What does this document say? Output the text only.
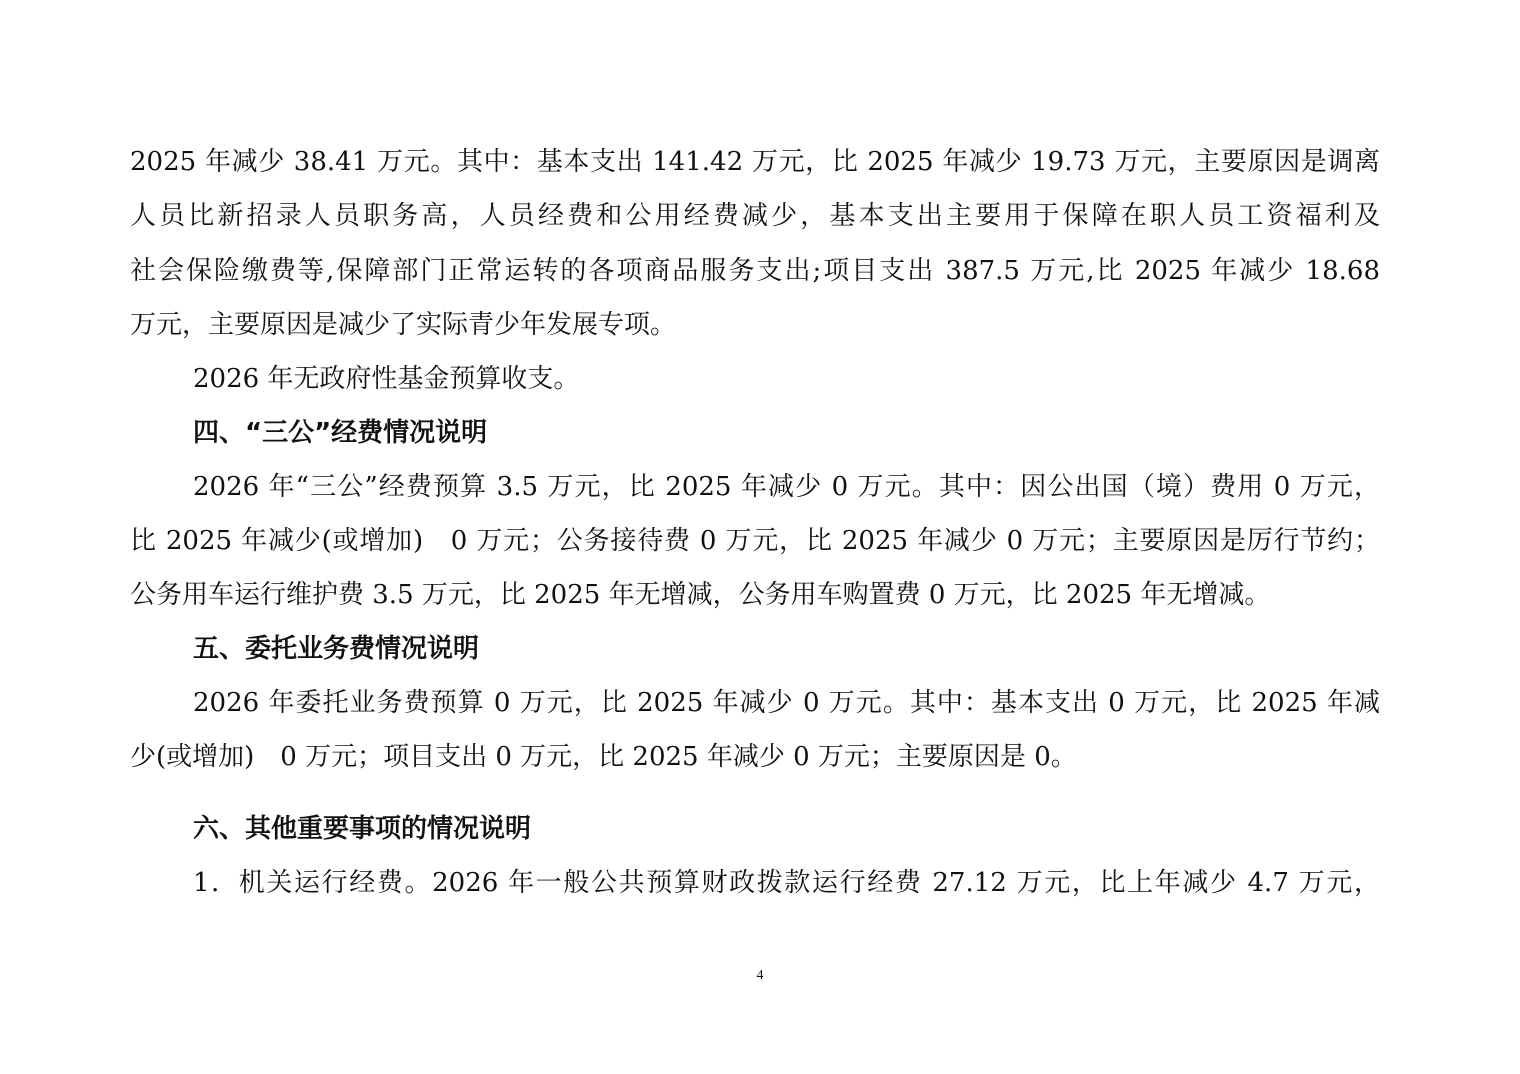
2025 年减少 38.41 万元。其中：基本支出 141.42 万元，比 2025 年减少 19.73 万元，主要原因是调离
人员比新招录人员职务高，人员经费和公用经费减少，基本支出主要用于保障在职人员工资福利及
社会保险缴费等,保障部门正常运转的各项商品服务支出;项目支出 387.5 万元,比 2025 年减少 18.68
万元，主要原因是减少了实际青少年发展专项。
2026 年无政府性基金预算收支。
四、“三公”经费情况说明
2026 年“三公”经费预算 3.5 万元，比 2025 年减少 0 万元。其中：因公出国（境）费用 0 万元，
比 2025 年减少(或增加)　0 万元；公务接待费 0 万元，比 2025 年减少 0 万元；主要原因是厉行节约；
公务用车运行维护费 3.5 万元，比 2025 年无增减，公务用车购置费 0 万元，比 2025 年无增减。
五、委托业务费情况说明
2026 年委托业务费预算 0 万元，比 2025 年减少 0 万元。其中：基本支出 0 万元，比 2025 年减
少(或增加)　0 万元；项目支出 0 万元，比 2025 年减少 0 万元；主要原因是 0。
六、其他重要事项的情况说明
1．机关运行经费。2026 年一般公共预算财政拨款运行经费 27.12 万元，比上年减少 4.7 万元，
4
